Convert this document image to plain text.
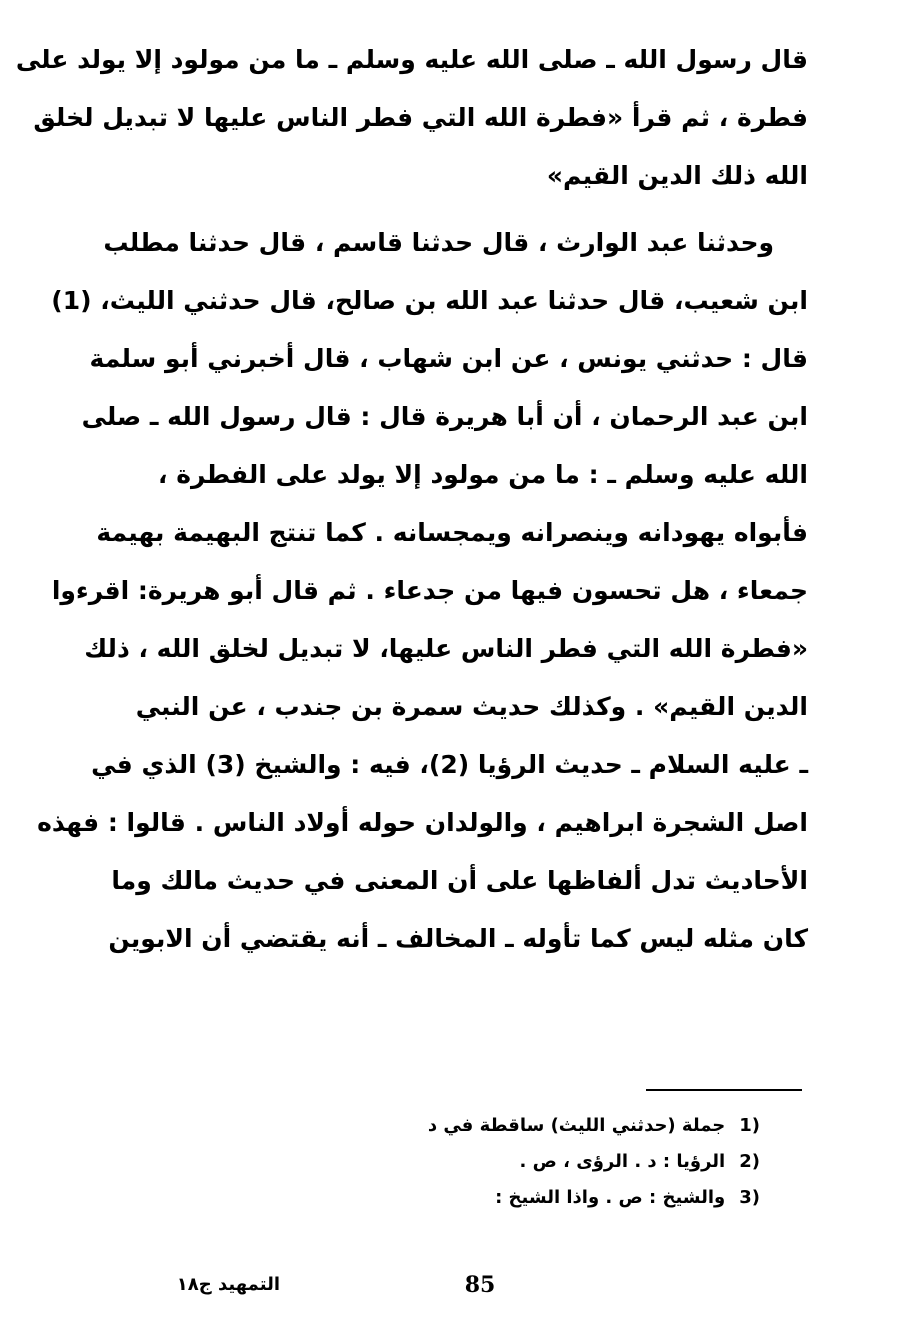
قال رسول الله ـ صلى الله عليه وسلم ـ ما من مولود إلا يولد على
فطرة ، ثم قرأ «فطرة الله التي فطر الناس عليها لا تبديل لخلق
الله ذلك الدين القيم»
وحدثنا عبد الوارث ، قال حدثنا قاسم ، قال حدثنا مطلب
ابن شعيب، قال حدثنا عبد الله بن صالح، قال حدثني الليث، (1)
قال : حدثني يونس ، عن ابن شهاب ، قال أخبرني أبو سلمة
ابن عبد الرحمان ، أن أبا هريرة قال : قال رسول الله ـ صلى
الله عليه وسلم ـ : ما من مولود إلا يولد على الفطرة ،
فأبواه يهودانه وينصرانه ويمجسانه . كما تنتج البهيمة بهيمة
جمعاء ، هل تحسون فيها من جدعاء . ثم قال أبو هريرة: اقرءوا
«فطرة الله التي فطر الناس عليها، لا تبديل لخلق الله ، ذلك
الدين القيم» . وكذلك حديث سمرة بن جندب ، عن النبي
ـ عليه السلام ـ حديث الرؤيا (2)، فيه : والشيخ (3) الذي في
اصل الشجرة ابراهيم ، والولدان حوله أولاد الناس . قالوا : فهذه
الأحاديث تدل ألفاظها على أن المعنى في حديث مالك وما
كان مثله ليس كما تأوله ـ المخالف ـ أنه يقتضي أن الابوين
(1جملة (حدثني الليث) ساقطة في د
(2الرؤيا : د . الرؤى ، ص .
(3والشيخ : ص . واذا الشيخ :
85
التمهيد ج١٨
